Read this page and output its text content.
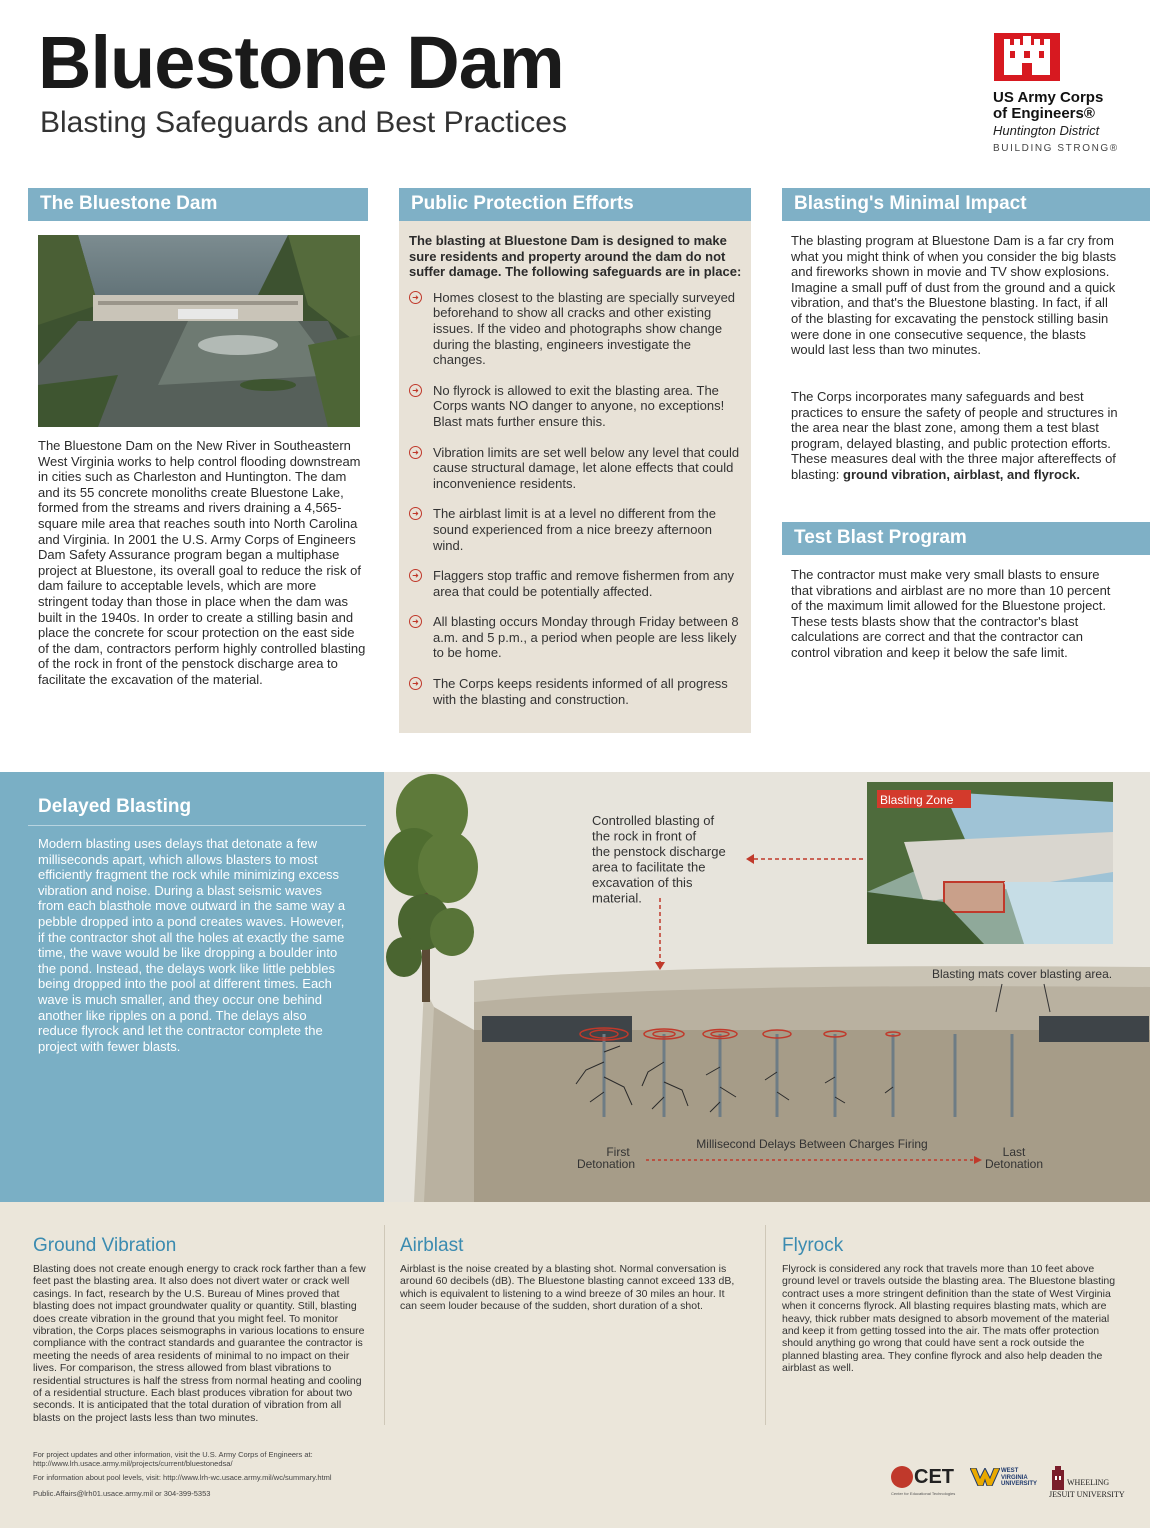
Bluestone Dam
Blasting Safeguards and Best Practices
US Army Corps
of Engineers®
Huntington District
BUILDING STRONG®
The Bluestone Dam
The Bluestone Dam on the New River in Southeastern West Virginia works to help control flooding downstream in cities such as Charleston and Huntington. The dam and its 55 concrete monoliths create Bluestone Lake, formed from the streams and rivers draining a 4,565-square mile area that reaches south into North Carolina and Virginia. In 2001 the U.S. Army Corps of Engineers Dam Safety Assurance program began a multiphase project at Bluestone, its overall goal to reduce the risk of dam failure to acceptable levels, which are more stringent today than those in place when the dam was built in the 1940s. In order to create a stilling basin and place the concrete for scour protection on the east side of the dam, contractors perform highly controlled blasting of the rock in front of the penstock discharge area to facilitate the excavation of the material.
Public Protection Efforts
The blasting at Bluestone Dam is designed to make sure residents and property around the dam do not suffer damage. The following safeguards are in place:
➜ Homes closest to the blasting are specially surveyed beforehand to show all cracks and other existing issues. If the video and photographs show change during the blasting, engineers investigate the changes.
➜ No flyrock is allowed to exit the blasting area. The Corps wants NO danger to anyone, no exceptions! Blast mats further ensure this.
➜ Vibration limits are set well below any level that could cause structural damage, let alone effects that could inconvenience residents.
➜ The airblast limit is at a level no different from the sound experienced from a nice breezy afternoon wind.
➜ Flaggers stop traffic and remove fishermen from any area that could be potentially affected.
➜ All blasting occurs Monday through Friday between 8 a.m. and 5 p.m., a period when people are less likely to be home.
➜ The Corps keeps residents informed of all progress with the blasting and construction.
Blasting's Minimal Impact
The blasting program at Bluestone Dam is a far cry from what you might think of when you consider the big blasts and fireworks shown in movie and TV show explosions. Imagine a small puff of dust from the ground and a quick vibration, and that's the Bluestone blasting. In fact, if all of the blasting for excavating the penstock stilling basin were done in one consecutive sequence, the blasts would last less than two minutes.
The Corps incorporates many safeguards and best practices to ensure the safety of people and structures in the area near the blast zone, among them a test blast program, delayed blasting, and public protection efforts. These measures deal with the three major aftereffects of blasting: ground vibration, airblast, and flyrock.
Test Blast Program
The contractor must make very small blasts to ensure that vibrations and airblast are no more than 10 percent of the maximum limit allowed for the Bluestone project. These tests blasts show that the contractor's blast calculations are correct and that the contractor can control vibration and keep it below the safe limit.
Delayed Blasting
Modern blasting uses delays that detonate a few milliseconds apart, which allows blasters to most efficiently fragment the rock while minimizing excess vibration and noise. During a blast seismic waves from each blasthole move outward in the same way a pebble dropped into a pond creates waves. However, if the contractor shot all the holes at exactly the same time, the wave would be like dropping a boulder into the pond. Instead, the delays work like little pebbles being dropped into the pool at different times. Each wave is much smaller, and they occur one behind another like ripples on a pond. The delays also reduce flyrock and let the contractor complete the project with fewer blasts.
Controlled blasting of the rock in front of the penstock discharge area to facilitate the excavation of this material.
Blasting Zone
Blasting mats cover blasting area.
First
Detonation
Millisecond Delays Between Charges Firing
Last
Detonation
Ground Vibration
Blasting does not create enough energy to crack rock farther than a few feet past the blasting area. It also does not divert water or crack well casings. In fact, research by the U.S. Bureau of Mines proved that blasting does not impact groundwater quality or quantity. Still, blasting does create vibration in the ground that you might feel. To monitor vibration, the Corps places seismographs in various locations to ensure compliance with the contract standards and guarantee the contractor is meeting the needs of area residents of minimal to no impact on their lives. For comparison, the stress allowed from blast vibrations to residential structures is half the stress from normal heating and cooling of a residential structure. Each blast produces vibration for about two seconds. It is anticipated that the total duration of vibration from all blasts on the project lasts less than two minutes.
Airblast
Airblast is the noise created by a blasting shot. Normal conversation is around 60 decibels (dB). The Bluestone blasting cannot exceed 133 dB, which is equivalent to listening to a wind breeze of 30 miles an hour. It can seem louder because of the sudden, short duration of a shot.
Flyrock
Flyrock is considered any rock that travels more than 10 feet above ground level or travels outside the blasting area. The Bluestone blasting contract uses a more stringent definition than the state of West Virginia when it concerns flyrock. All blasting requires blasting mats, which are heavy, thick rubber mats designed to absorb movement of the material and keep it from getting tossed into the air. The mats offer protection should anything go wrong that could have sent a rock outside the planned blasting area. They confine flyrock and also help deaden the airblast as well.
For project updates and other information, visit the U.S. Army Corps of Engineers at:
http://www.lrh.usace.army.mil/projects/current/bluestonedsa/
For information about pool levels, visit: http://www.lrh-wc.usace.army.mil/wc/summary.html
Public.Affairs@lrh01.usace.army.mil or 304-399-5353
CET
Center for Educational Technologies
WEST
VIRGINIA
UNIVERSITY	WHEELING
JESUIT UNIVERSITY
